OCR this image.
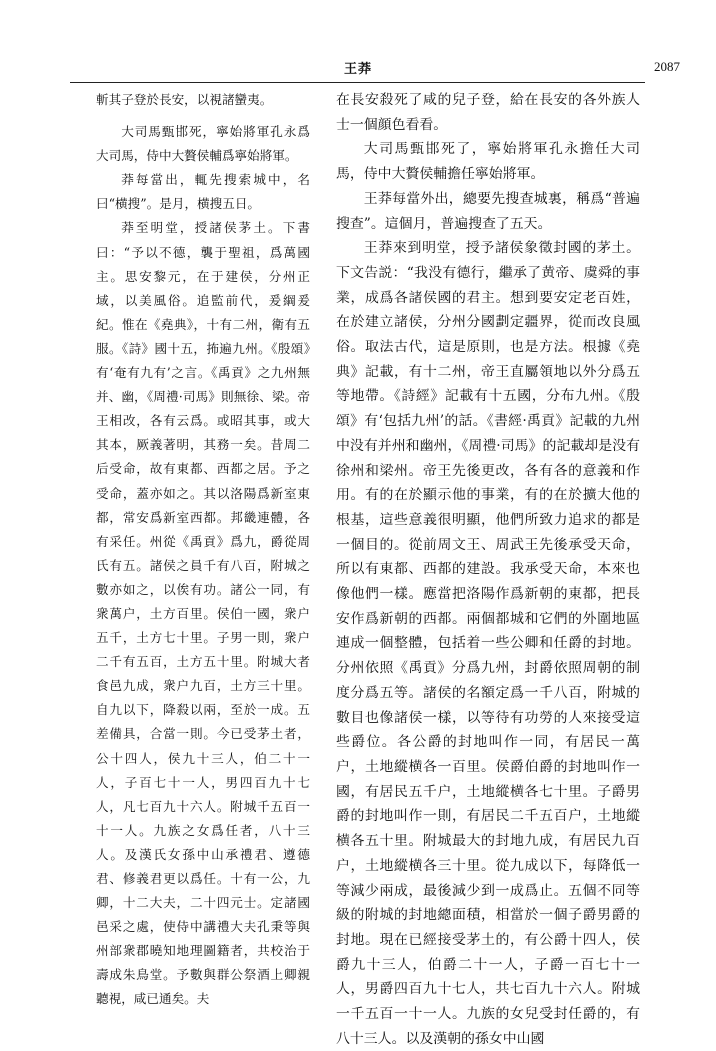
王莽	2087

斬其子登於長安，以視諸蠻夷。

大司馬甄邯死，寧始將軍孔永爲大司馬，侍中大贅侯輔爲寧始將軍。

莽每當出，輒先搜索城中，名曰“横搜”。是月，横搜五日。

莽至明堂，授諸侯茅土。下書曰：“予以不德，襲于聖祖，爲萬國主。思安黎元，在于建侯，分州正域，以美風俗。追監前代，爰綱爰紀。惟在《堯典》，十有二州，衛有五服。《詩》國十五，抪遍九州。《殷頌》有‘奄有九有’之言。《禹貢》之九州無并、幽，《周禮·司馬》則無徐、梁。帝王相改，各有云爲。或昭其事，或大其本，厥義著明，其務一矣。昔周二后受命，故有東都、西都之居。予之受命，蓋亦如之。其以洛陽爲新室東都，常安爲新室西都。邦畿連體，各有采任。州從《禹貢》爲九，爵從周氏有五。諸侯之員千有八百，附城之數亦如之，以俟有功。諸公一同，有衆萬户，土方百里。侯伯一國，衆户五千，土方七十里。子男一則，衆户二千有五百，土方五十里。附城大者食邑九成，衆户九百，土方三十里。自九以下，降殺以兩，至於一成。五差備具，合當一則。今已受茅土者，公十四人，侯九十三人，伯二十一人，子百七十一人，男四百九十七人，凡七百九十六人。附城千五百一十一人。九族之女爲任者，八十三人。及漢氏女孫中山承禮君、遵德君、修義君更以爲任。十有一公，九卿，十二大夫，二十四元士。定諸國邑采之處，使侍中講禮大夫孔秉等與州部衆郡曉知地理圖籍者，共校治于壽成朱鳥堂。予數與群公祭酒上卿親聽視，咸已通矣。夫

在長安殺死了咸的兒子登，給在長安的各外族人士一個顔色看看。

大司馬甄邯死了，寧始將軍孔永擔任大司馬，侍中大贅侯輔擔任寧始將軍。

王莽每當外出，總要先搜查城裏，稱爲“普遍搜查”。這個月，普遍搜查了五天。

王莽來到明堂，授予諸侯象徵封國的茅土。下文告説：“我没有德行，繼承了黄帝、虞舜的事業，成爲各諸侯國的君主。想到要安定老百姓，在於建立諸侯，分州分國劃定疆界，從而改良風俗。取法古代，這是原則，也是方法。根據《堯典》記載，有十二州，帝王直屬領地以外分爲五等地帶。《詩經》記載有十五國，分布九州。《殷頌》有‘包括九州’的話。《書經·禹貢》記載的九州中没有并州和幽州，《周禮·司馬》的記載却是没有徐州和梁州。帝王先後更改，各有各的意義和作用。有的在於顯示他的事業，有的在於擴大他的根基，這些意義很明顯，他們所致力追求的都是一個目的。從前周文王、周武王先後承受天命，所以有東都、西都的建設。我承受天命，本來也像他們一樣。應當把洛陽作爲新朝的東都，把長安作爲新朝的西都。兩個都城和它們的外圍地區連成一個整體，包括着一些公卿和任爵的封地。分州依照《禹貢》分爲九州，封爵依照周朝的制度分爲五等。諸侯的名額定爲一千八百，附城的數目也像諸侯一樣，以等待有功勞的人來接受這些爵位。各公爵的封地叫作一同，有居民一萬户，土地縱横各一百里。侯爵伯爵的封地叫作一國，有居民五千户，土地縱横各七十里。子爵男爵的封地叫作一則，有居民二千五百户，土地縱横各五十里。附城最大的封地九成，有居民九百户，土地縱横各三十里。從九成以下，每降低一等減少兩成，最後減少到一成爲止。五個不同等級的附城的封地總面積，相當於一個子爵男爵的封地。現在已經接受茅土的，有公爵十四人，侯爵九十三人，伯爵二十一人，子爵一百七十一人，男爵四百九十七人，共七百九十六人。附城一千五百一十一人。九族的女兒受封任爵的，有八十三人。以及漢朝的孫女中山國
